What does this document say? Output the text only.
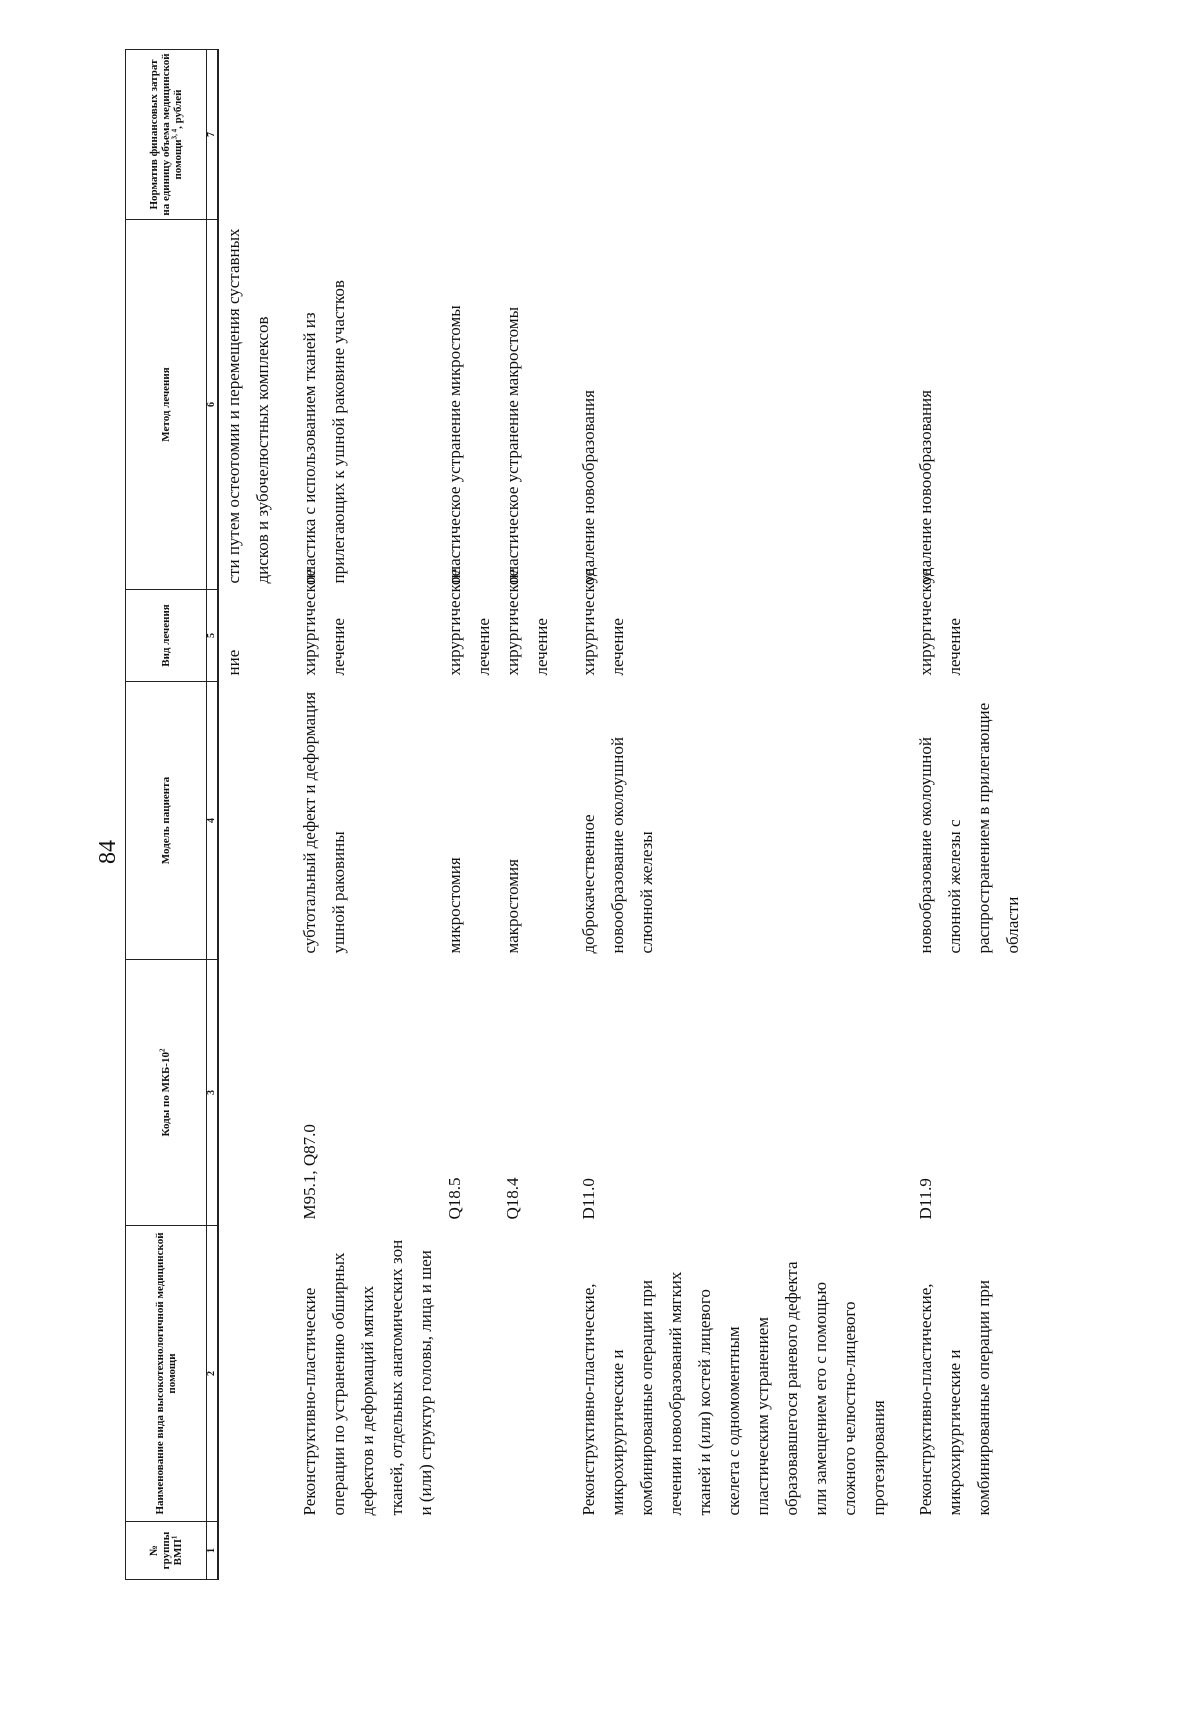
84
№ группы ВМП$^1$	Наименование вида высокотехнологичной медицинской помощи	Коды по МКБ-$10^2$	Модель пациента	Вид лечения	Метод лечения	Норматив финансовых затрат на единицу объема медицинской помощи$^{3, 4}$, рублей
1	2	3	4	5	6	7
				ние	сти путем остеотомии и перемещения суставных дисков и зубочелюстных комплексов	

	Реконструктивно-пластические операции по устранению обширных дефектов и деформаций мягких тканей, отдельных анатомических зон и (или) структур головы, лица и шеи	M95.1, Q87.0	субтотальный дефект и деформация ушной раковины	хирургическое лечение	пластика с использованием тканей из прилегающих к ушной раковине участков	
		Q18.5	микростомия	хирургическое лечение	пластическое устранение микростомы	
		Q18.4	макростомия	хирургическое лечение	пластическое устранение макростомы	

	Реконструктивно-пластические, микрохирургические и комбинированные операции при лечении новообразований мягких тканей и (или) костей лицевого скелета с одномоментным пластическим устранением образовавшегося раневого дефекта или замещением его с помощью сложного челюстно-лицевого протезирования	D11.0	доброкачественное новообразование околоушной слюнной железы	хирургическое лечение	удаление новообразования	

	Реконструктивно-пластические, микрохирургические и комбинированные операции при	D11.9	новообразование околоушной слюнной железы с распространением в прилегающие области	хирургическое лечение	удаление новообразования	
